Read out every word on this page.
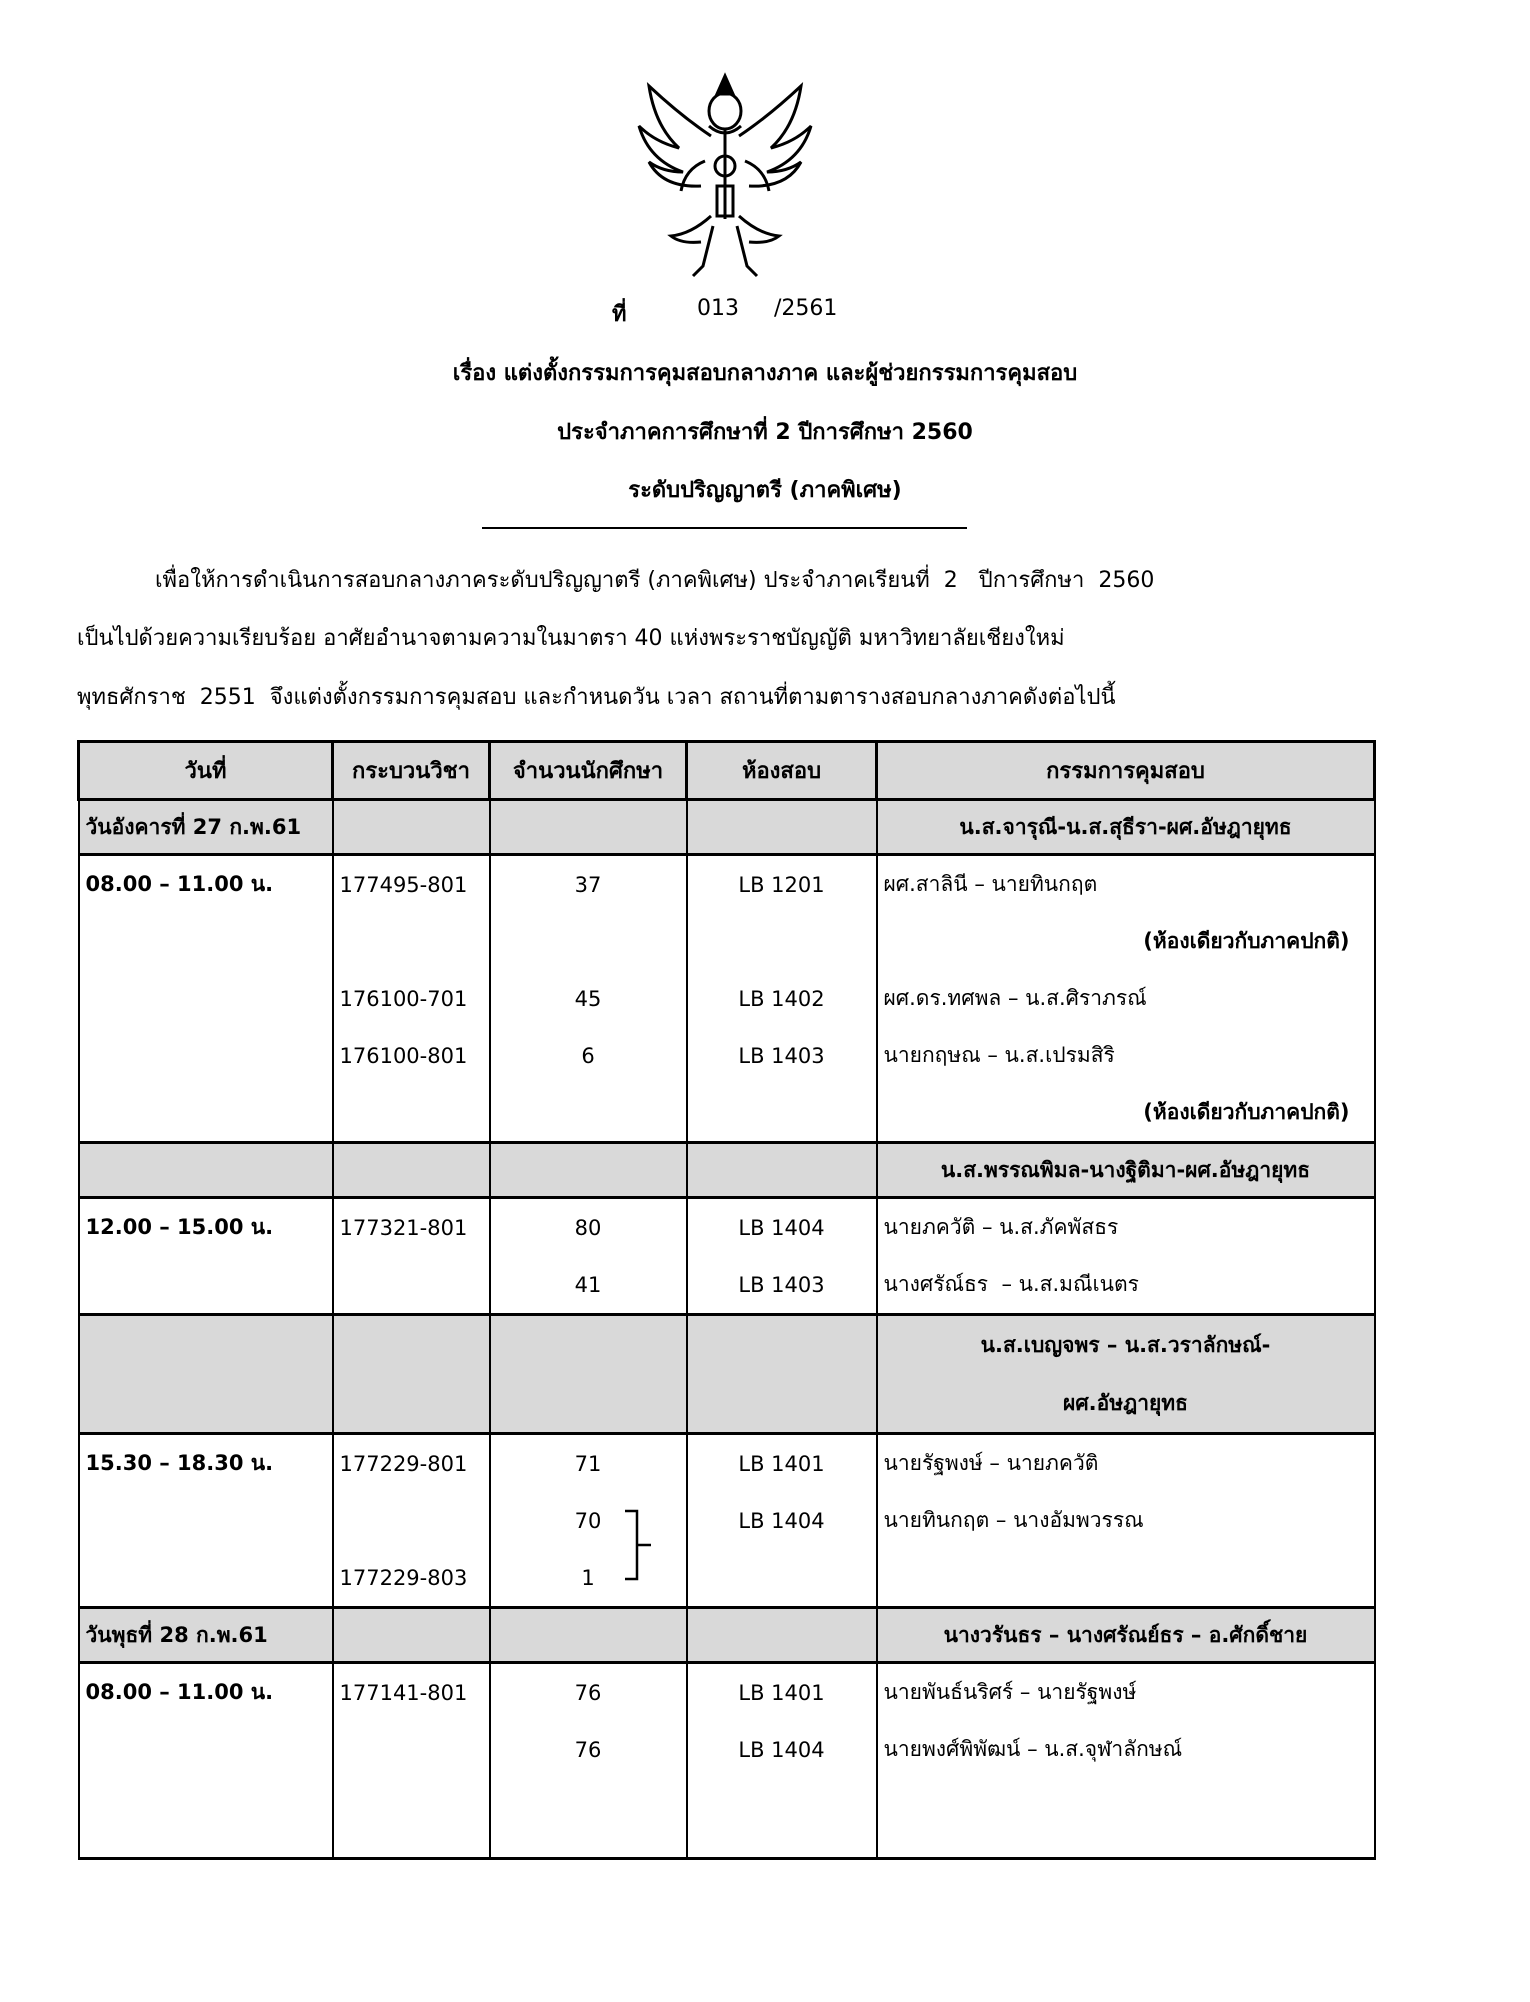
ที่	013     /2561
เรื่อง แต่งตั้งกรรมการคุมสอบกลางภาค และผู้ช่วยกรรมการคุมสอบ
ประจำภาคการศึกษาที่ 2 ปีการศึกษา 2560
ระดับปริญญาตรี (ภาคพิเศษ)
เพื่อให้การดำเนินการสอบกลางภาคระดับปริญญาตรี (ภาคพิเศษ) ประจำภาคเรียนที่  2   ปีการศึกษา  2560
เป็นไปด้วยความเรียบร้อย อาศัยอำนาจตามความในมาตรา 40 แห่งพระราชบัญญัติ มหาวิทยาลัยเชียงใหม่
พุทธศักราช  2551  จึงแต่งตั้งกรรมการคุมสอบ และกำหนดวัน เวลา สถานที่ตามตารางสอบกลางภาคดังต่อไปนี้
วันที่	กระบวนวิชา	จำนวนนักศึกษา	ห้องสอบ	กรรมการคุมสอบ
วันอังคารที่ 27 ก.พ.61				น.ส.จารุณี-น.ส.สุธีรา-ผศ.อัษฎายุทธ
08.00 – 11.00 น.	177495-801	37	LB 1201	ผศ.สาลินี – นายทินกฤต
				(ห้องเดียวกับภาคปกติ)
	176100-701	45	LB 1402	ผศ.ดร.ทศพล – น.ส.ศิราภรณ์
	176100-801	6	LB 1403	นายกฤษณ – น.ส.เปรมสิริ
				(ห้องเดียวกับภาคปกติ)
				น.ส.พรรณพิมล-นางฐิติมา-ผศ.อัษฎายุทธ
12.00 – 15.00 น.	177321-801	80	LB 1404	นายภควัติ – น.ส.ภัคพัสธร
		41	LB 1403	นางศรัณ์ธร  – น.ส.มณีเนตร

				น.ส.เบญจพร – น.ส.วราลักษณ์-
ผศ.อัษฎายุทธ

15.30 – 18.30 น.	177229-801	71	LB 1401	นายรัฐพงษ์ – นายภควัติ
		70	LB 1404	นายทินกฤต – นางอัมพวรรณ
	177229-803	1

วันพุธที่ 28 ก.พ.61				นางวรันธร – นางศรัณย์ธร – อ.ศักดิ์ชาย
08.00 – 11.00 น.	177141-801	76	LB 1401	นายพันธ์นริศร์ – นายรัฐพงษ์
		76	LB 1404	นายพงศ์พิพัฒน์ – น.ส.จุฬาลักษณ์
